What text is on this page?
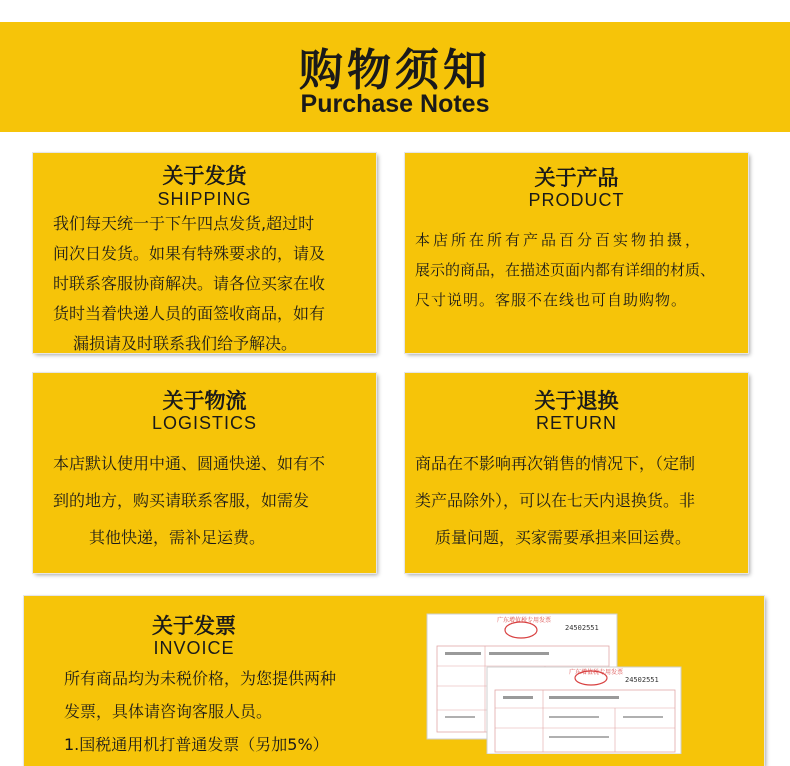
购物须知
Purchase Notes
关于发货
SHIPPING
我们每天统一于下午四点发货,超过时
间次日发货。如果有特殊要求的，请及
时联系客服协商解决。请各位买家在收
货时当着快递人员的面签收商品，如有
漏损请及时联系我们给予解决。
关于产品
PRODUCT
本店所在所有产品百分百实物拍摄，
展示的商品，在描述页面内都有详细的材质、
尺寸说明。客服不在线也可自助购物。
关于物流
LOGISTICS
本店默认使用中通、圆通快递、如有不
到的地方，购买请联系客服，如需发
其他快递，需补足运费。
关于退换
RETURN
商品在不影响再次销售的情况下，（定制
类产品除外），可以在七天内退换货。非
质量问题，买家需要承担来回运费。
关于发票
INVOICE
所有商品均为未税价格，为您提供两种
发票，具体请咨询客服人员。
1.国税通用机打普通发票（另加5%）
广东增值税专用发票
24502551
广东增值税专用发票
24502551
